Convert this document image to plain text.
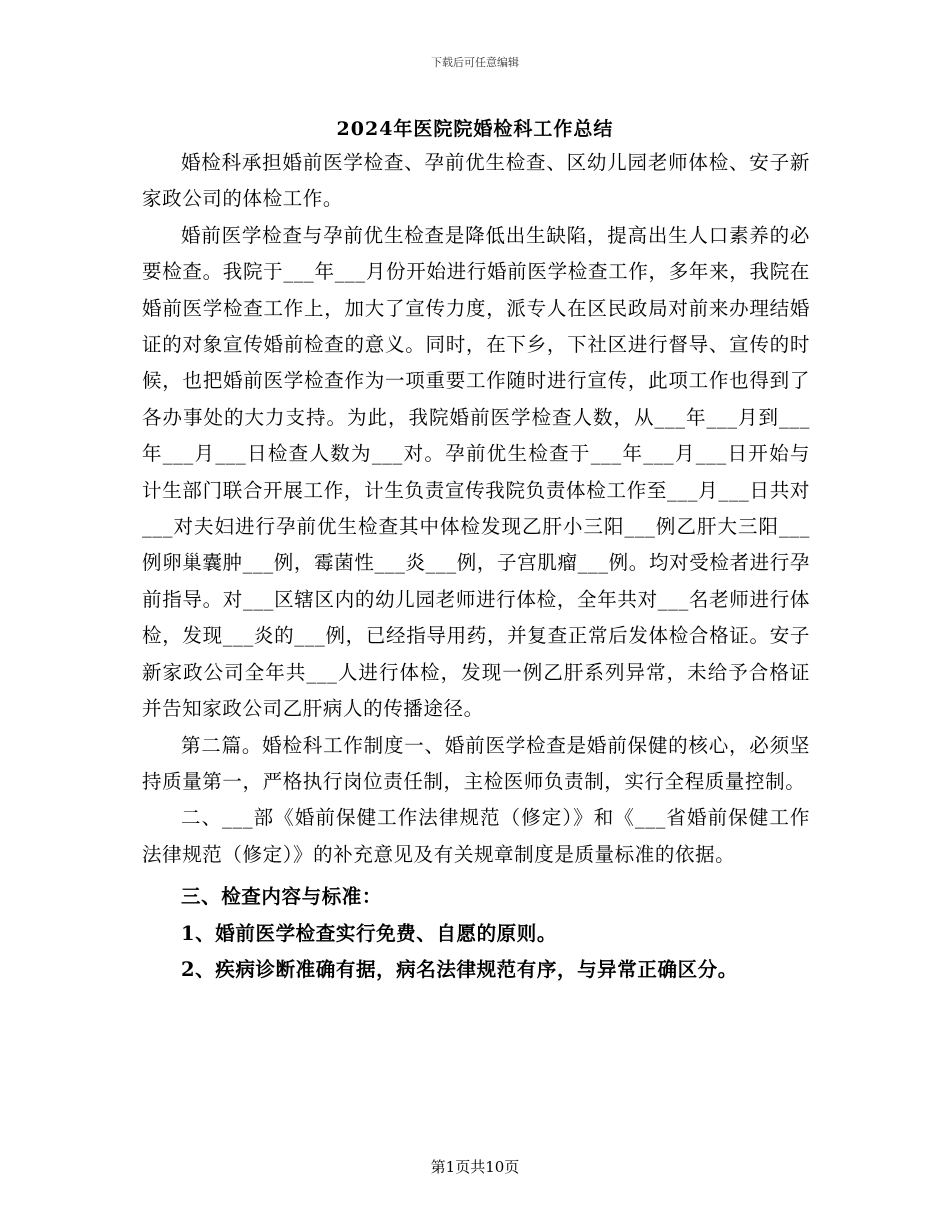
下载后可任意编辑
2024年医院院婚检科工作总结

婚检科承担婚前医学检查、孕前优生检查、区幼儿园老师体检、安子新家政公司的体检工作。

婚前医学检查与孕前优生检查是降低出生缺陷，提高出生人口素养的必要检查。我院于___年___月份开始进行婚前医学检查工作，多年来，我院在婚前医学检查工作上，加大了宣传力度，派专人在区民政局对前来办理结婚证的对象宣传婚前检查的意义。同时，在下乡，下社区进行督导、宣传的时候，也把婚前医学检查作为一项重要工作随时进行宣传，此项工作也得到了各办事处的大力支持。为此，我院婚前医学检查人数，从___年___月到___年___月___日检查人数为___对。孕前优生检查于___年___月___日开始与计生部门联合开展工作，计生负责宣传我院负责体检工作至___月___日共对___对夫妇进行孕前优生检查其中体检发现乙肝小三阳___例乙肝大三阳___例卵巢囊肿___例，霉菌性___炎___例，子宫肌瘤___例。均对受检者进行孕前指导。对___区辖区内的幼儿园老师进行体检，全年共对___名老师进行体检，发现___炎的___例，已经指导用药，并复查正常后发体检合格证。安子新家政公司全年共___人进行体检，发现一例乙肝系列异常，未给予合格证并告知家政公司乙肝病人的传播途径。

第二篇。婚检科工作制度一、婚前医学检查是婚前保健的核心，必须坚持质量第一，严格执行岗位责任制，主检医师负责制，实行全程质量控制。

二、___部《婚前保健工作法律规范（修定）》和《___省婚前保健工作法律规范（修定）》的补充意见及有关规章制度是质量标准的依据。

三、检查内容与标准：

1、婚前医学检查实行免费、自愿的原则。

2、疾病诊断准确有据，病名法律规范有序，与异常正确区分。

第1页共10页
